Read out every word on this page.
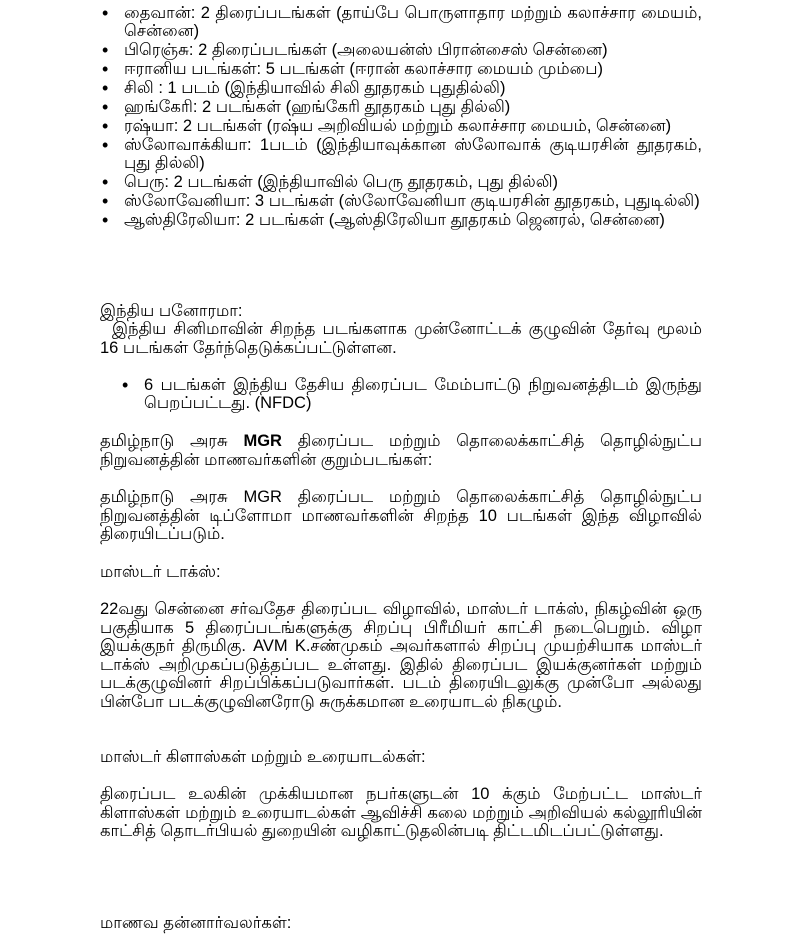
• தைவான்: 2 திரைப்படங்கள் (தாய்பே பொருளாதார மற்றும் கலாச்சார மையம், சென்னை)
• பிரெஞ்சு: 2 திரைப்படங்கள் (அலையன்ஸ் பிரான்சைஸ் சென்னை)
• ஈரானிய படங்கள்: 5 படங்கள் (ஈரான் கலாச்சார மையம் மும்பை)
• சிலி : 1 படம் (இந்தியாவில் சிலி தூதரகம் புதுதில்லி)
• ஹங்கேரி: 2 படங்கள் (ஹங்கேரி தூதரகம் புது தில்லி)
• ரஷ்யா: 2 படங்கள் (ரஷ்ய அறிவியல் மற்றும் கலாச்சார மையம், சென்னை)
• ஸ்லோவாக்கியா: 1படம் (இந்தியாவுக்கான ஸ்லோவாக் குடியரசின் தூதரகம், புது தில்லி)
• பெரு: 2 படங்கள் (இந்தியாவில் பெரு தூதரகம், புது தில்லி)
• ஸ்லோவேனியா: 3 படங்கள் (ஸ்லோவேனியா குடியரசின் தூதரகம், புதுடில்லி)
• ஆஸ்திரேலியா: 2 படங்கள் (ஆஸ்திரேலியா தூதரகம் ஜெனரல், சென்னை)
இந்திய பனோரமா:

இந்திய சினிமாவின் சிறந்த படங்களாக முன்னோட்டக் குழுவின் தேர்வு மூலம் 16 படங்கள் தேர்ந்தெடுக்கப்பட்டுள்ளன.

• 6 படங்கள் இந்திய தேசிய திரைப்பட மேம்பாட்டு நிறுவனத்திடம் இருந்து பெறப்பட்டது. (NFDC)

தமிழ்நாடு அரசு MGR திரைப்பட மற்றும் தொலைக்காட்சித் தொழில்நுட்ப நிறுவனத்தின் மாணவர்களின் குறும்படங்கள்:

தமிழ்நாடு அரசு MGR திரைப்பட மற்றும் தொலைக்காட்சித் தொழில்நுட்ப நிறுவனத்தின் டிப்ளோமா மாணவர்களின் சிறந்த 10 படங்கள் இந்த விழாவில் திரையிடப்படும்.

மாஸ்டர் டாக்ஸ்:

22வது சென்னை சர்வதேச திரைப்பட விழாவில், மாஸ்டர் டாக்ஸ், நிகழ்வின் ஒரு பகுதியாக 5 திரைப்படங்களுக்கு சிறப்பு பிரீமியர் காட்சி நடைபெறும். விழா இயக்குநர் திருமிகு. AVM K.சண்முகம் அவர்களால் சிறப்பு முயற்சியாக மாஸ்டர் டாக்ஸ் அறிமுகப்படுத்தப்பட உள்ளது. இதில் திரைப்பட இயக்குனர்கள் மற்றும் படக்குழுவினர் சிறப்பிக்கப்படுவார்கள். படம் திரையிடலுக்கு முன்போ அல்லது பின்போ படக்குழுவினரோடு சுருக்கமான உரையாடல் நிகழும்.

மாஸ்டர் கிளாஸ்கள் மற்றும் உரையாடல்கள்:

திரைப்பட உலகின் முக்கியமான நபர்களுடன் 10 க்கும் மேற்பட்ட மாஸ்டர் கிளாஸ்கள் மற்றும் உரையாடல்கள் ஆவிச்சி கலை மற்றும் அறிவியல் கல்லூரியின் காட்சித் தொடர்பியல் துறையின் வழிகாட்டுதலின்படி திட்டமிடப்பட்டுள்ளது.

மாணவ தன்னார்வலர்கள்:
